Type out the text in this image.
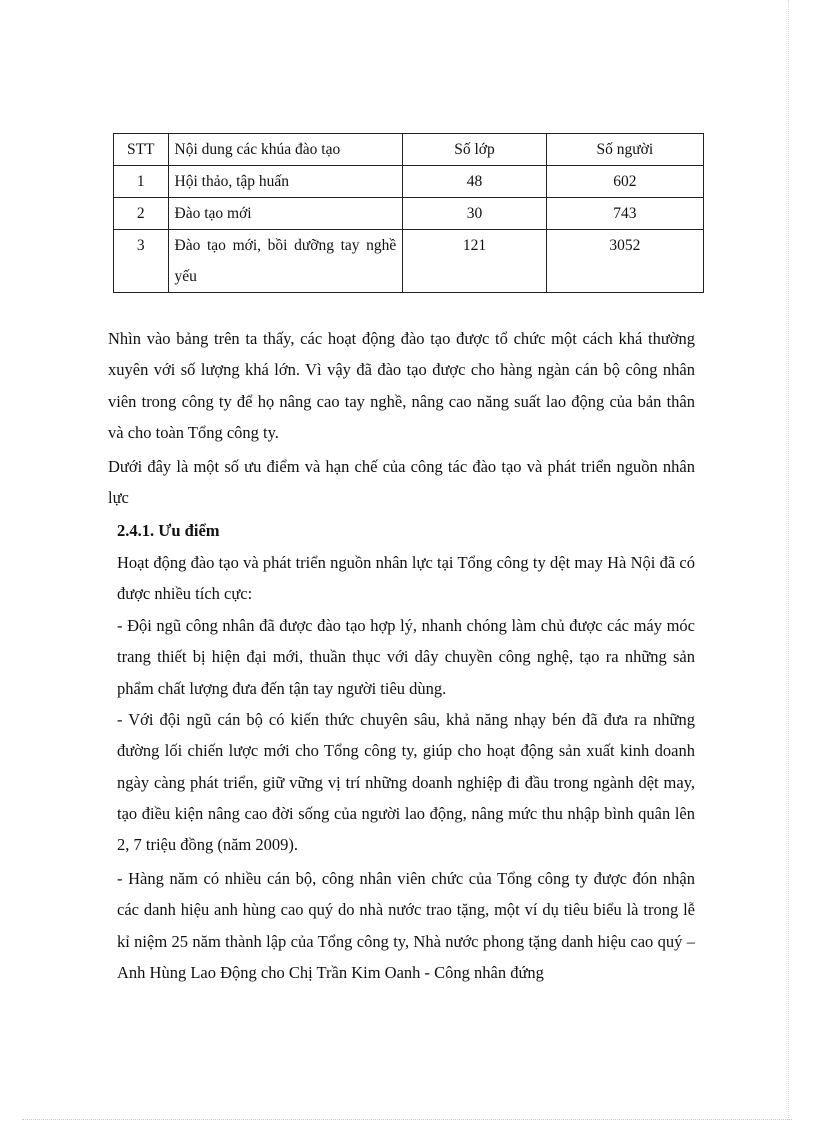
STT	Nội dung các khúa đào tạo	Số lớp	Số người
1	Hội thảo, tập huấn	48	602
2	Đào tạo mới	30	743
3	Đào tạo mới, bồi dưỡng tay nghề yếu	121	3052

Nhìn vào bảng trên ta thấy, các hoạt động đào tạo được tổ chức một cách khá thường xuyên với số lượng khá lớn. Vì vậy đã đào tạo được cho hàng ngàn cán bộ công nhân viên trong công ty để họ nâng cao tay nghề, nâng cao năng suất lao động của bản thân và cho toàn Tổng công ty.

Dưới đây là một số ưu điểm và hạn chế của công tác đào tạo và phát triển nguồn nhân lực

2.4.1. Ưu điểm

Hoạt động đào tạo và phát triển nguồn nhân lực tại Tổng công ty dệt may Hà Nội đã có được nhiều tích cực:

- Đội ngũ công nhân đã được đào tạo hợp lý, nhanh chóng làm chủ được các máy móc trang thiết bị hiện đại mới, thuần thục với dây chuyền công nghệ, tạo ra những sản phẩm chất lượng đưa đến tận tay người tiêu dùng.

- Với đội ngũ cán bộ có kiến thức chuyên sâu, khả năng nhạy bén đã đưa ra những đường lối chiến lược mới cho Tổng công ty, giúp cho hoạt động sản xuất kinh doanh ngày càng phát triển, giữ vững vị trí những doanh nghiệp đi đầu trong ngành dệt may, tạo điều kiện nâng cao đời sống của người lao động, nâng mức thu nhập bình quân lên 2, 7 triệu đồng (năm 2009).

- Hàng năm có nhiều cán bộ, công nhân viên chức của Tổng công ty được đón nhận các danh hiệu anh hùng cao quý do nhà nước trao tặng, một ví dụ tiêu biểu là trong lễ kỉ niệm 25 năm thành lập của Tổng công ty, Nhà nước phong tặng danh hiệu cao quý – Anh Hùng Lao Động cho Chị Trần Kim Oanh - Công nhân đứng
